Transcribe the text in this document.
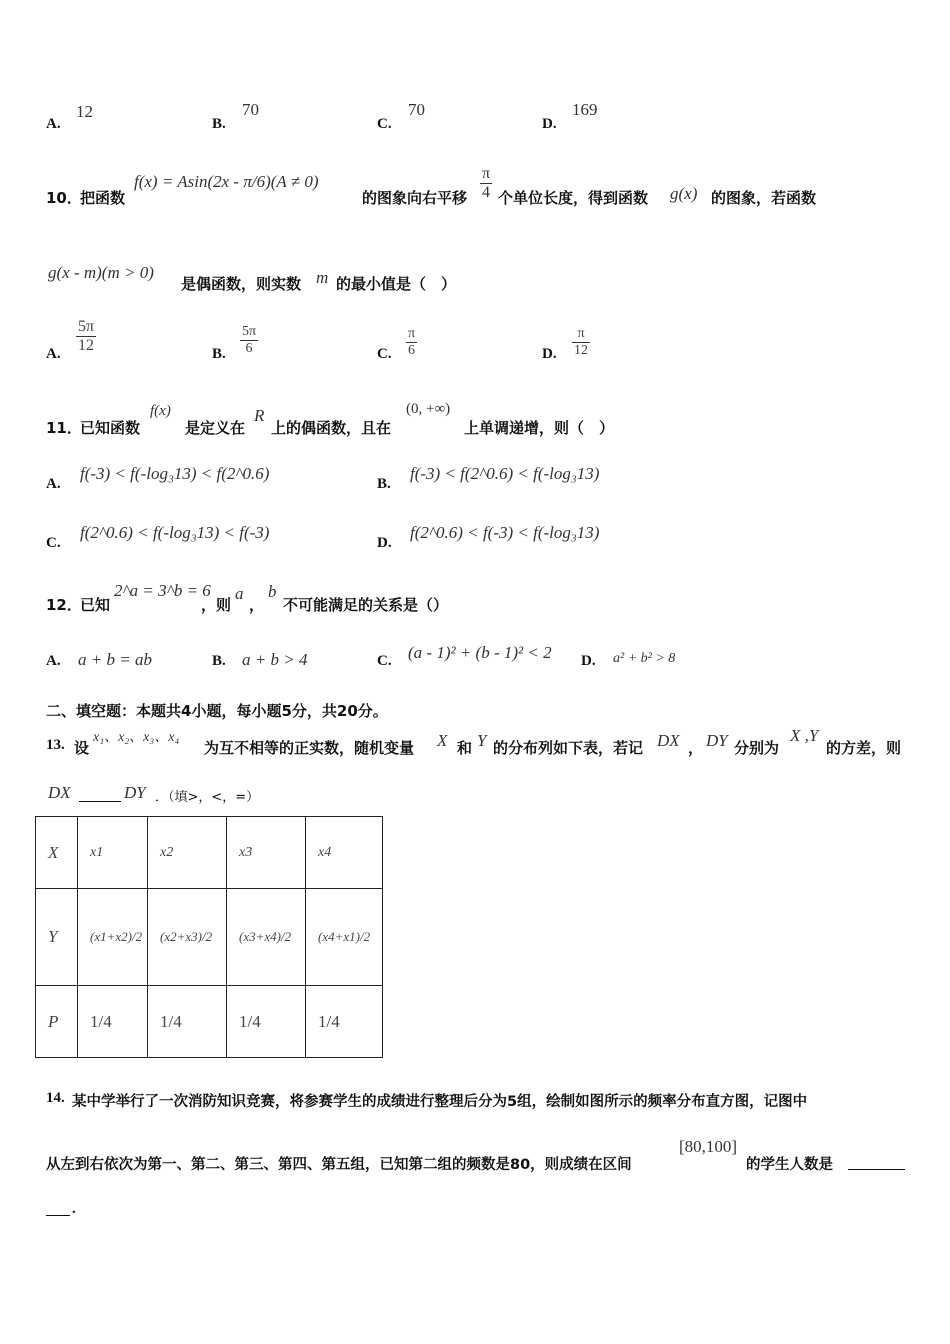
A.
12
B.
70
C.
70
D.
169
10．
把函数
f(x) = Asin(2x - π/6)(A ≠ 0)
的图象向右平移 $\frac{\pi}{4}$ 个单位长度，得到函数 g(x) 的图象，若函数
g(x - m)(m > 0)
是偶函数，则实数 m 的最小值是（　）
A. $\frac{5\pi}{12}$	B. $\frac{5\pi}{6}$	C. $\frac{\pi}{6}$	D. $\frac{\pi}{12}$
11．
已知函数
f(x)
是定义在
R
上的偶函数，且在
(0, +∞)
上单调递增，则（　）
A.
f(-3) < f(-log₃13) < f(2^0.6)
B.
f(-3) < f(2^0.6) < f(-log₃13)
C.
f(2^0.6) < f(-log₃13) < f(-3)
D.
f(2^0.6) < f(-3) < f(-log₃13)
12．
已知
2^a = 3^b = 6
，则
a
，
b
不可能满足的关系是（）
A. a + b = ab	B. a + b > 4	C. (a - 1)² + (b - 1)² < 2 D. a² + b² > 8
二、填空题：本题共4小题，每小题5分，共20分。
13. 设
x₁、x₂、x₃、x₄
为互不相等的正实数，随机变量 X 和 Y 的分布列如下表，若记 DX ， DY 分别为
X ,Y
的方差，则
DX	DY ．（填>，<，=）
X	x1	x2	x3	x4
Y	(x1+x2)/2	(x2+x3)/2	(x3+x4)/2	(x4+x1)/2
P	1/4	1/4	1/4	1/4
14. 某中学举行了一次消防知识竞赛，将参赛学生的成绩进行整理后分为5组，绘制如图所示的频率分布直方图，记图中
从左到右依次为第一、第二、第三、第四、第五组，已知第二组的频数是80，则成绩在区间
[80,100]
的学生人数是
.
